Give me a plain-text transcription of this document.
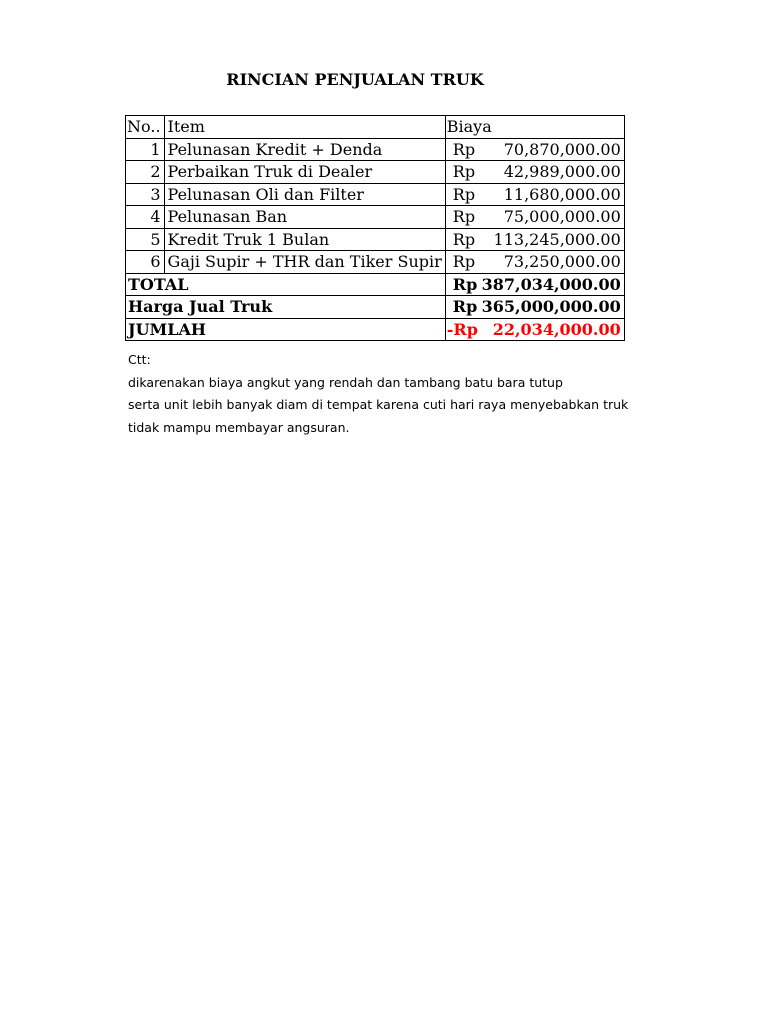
RINCIAN PENJUALAN TRUK
No..	Item	Biaya
1	Pelunasan Kredit + Denda	Rp 70,870,000.00

2	Perbaikan Truk di Dealer	Rp 42,989,000.00

3	Pelunasan Oli dan Filter	Rp 11,680,000.00

4	Pelunasan Ban	Rp 75,000,000.00

5	Kredit Truk 1 Bulan	Rp 113,245,000.00

6	Gaji Supir + THR dan Tiker Supir	Rp 73,250,000.00

TOTAL		Rp 387,034,000.00

Harga Jual Truk		Rp 365,000,000.00

JUMLAH		-Rp 22,034,000.00
Ctt:
dikarenakan biaya angkut yang rendah dan tambang batu bara tutup
serta unit lebih banyak diam di tempat karena cuti hari raya menyebabkan truk
tidak mampu membayar angsuran.
